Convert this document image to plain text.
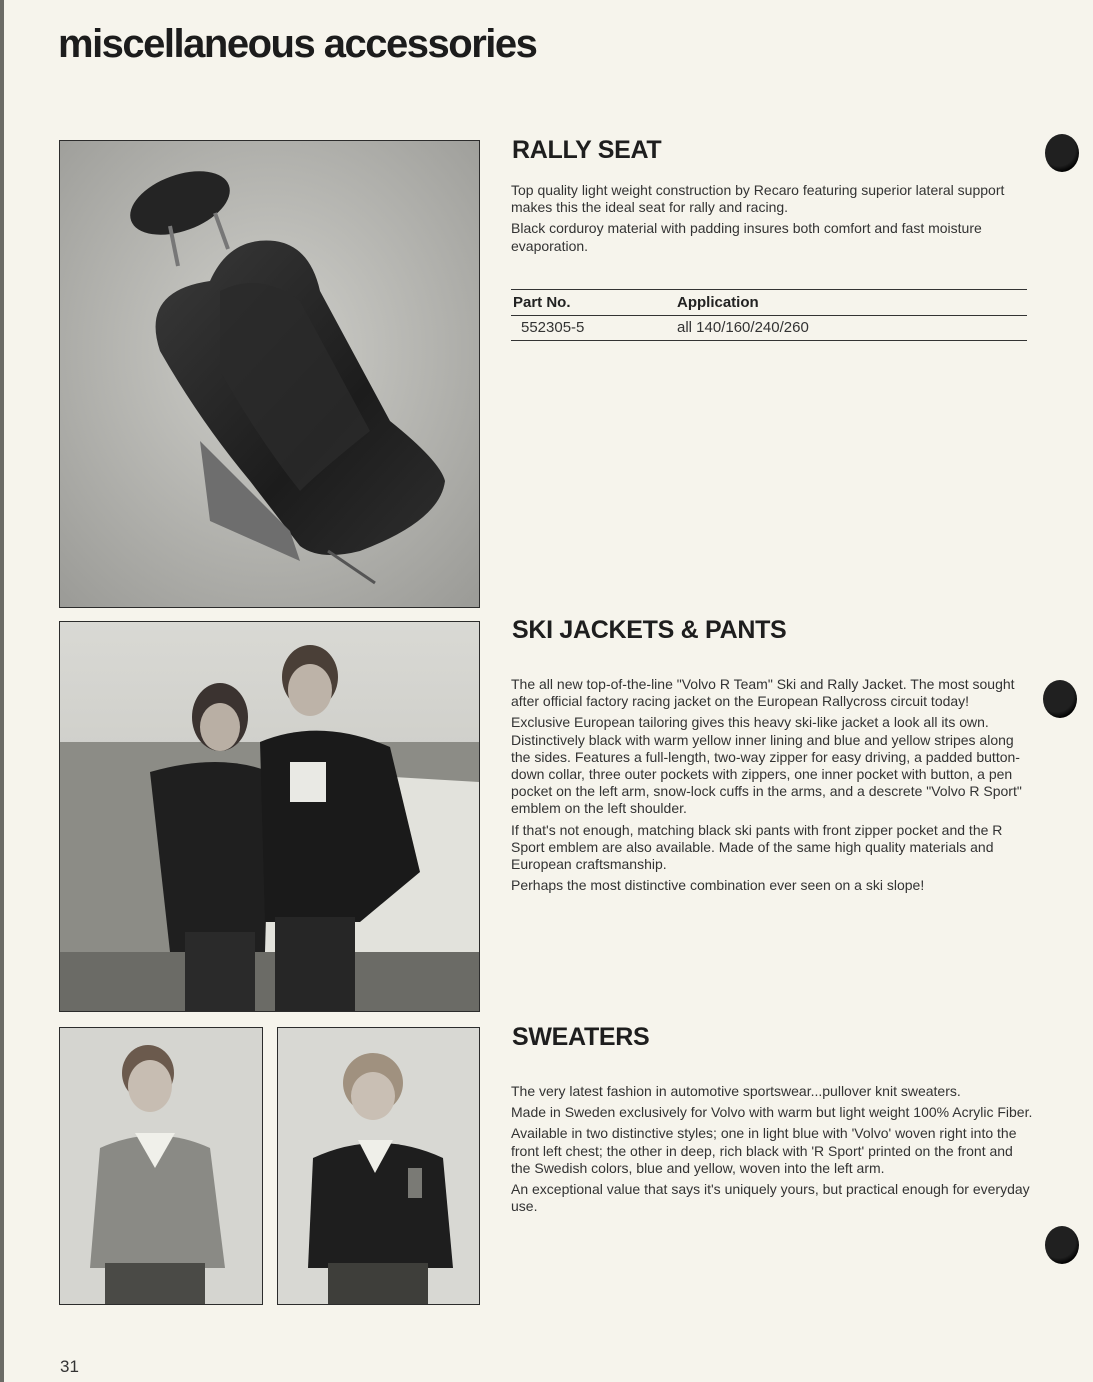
miscellaneous accessories
RALLY SEAT

Top quality light weight construction by Recaro featuring superior lateral support makes this the ideal seat for rally and racing.

Black corduroy material with padding insures both comfort and fast moisture evaporation.

Part No.	Application
552305-5	all 140/160/240/260
SKI JACKETS & PANTS

The all new top-of-the-line "Volvo R Team" Ski and Rally Jacket. The most sought after official factory racing jacket on the European Rallycross circuit today!

Exclusive European tailoring gives this heavy ski-like jacket a look all its own. Distinctively black with warm yellow inner lining and blue and yellow stripes along the sides. Features a full-length, two-way zipper for easy driving, a padded button-down collar, three outer pockets with zippers, one inner pocket with button, a pen pocket on the left arm, snow-lock cuffs in the arms, and a descrete "Volvo R Sport" emblem on the left shoulder.

If that's not enough, matching black ski pants with front zipper pocket and the R Sport emblem are also available. Made of the same high quality materials and European craftsmanship.

Perhaps the most distinctive combination ever seen on a ski slope!

SWEATERS

The very latest fashion in automotive sportswear...pullover knit sweaters.

Made in Sweden exclusively for Volvo with warm but light weight 100% Acrylic Fiber.

Available in two distinctive styles; one in light blue with 'Volvo' woven right into the front left chest; the other in deep, rich black with 'R Sport' printed on the front and the Swedish colors, blue and yellow, woven into the left arm.

An exceptional value that says it's uniquely yours, but practical enough for everyday use.

31
